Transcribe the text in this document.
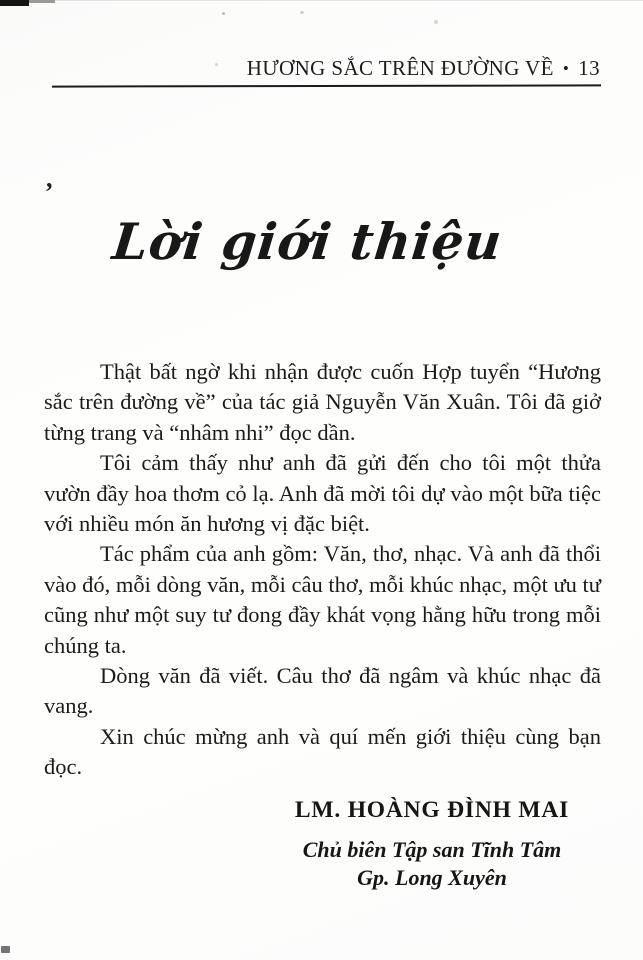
HƯƠNG SẮC TRÊN ĐƯỜNG VỀ • 13
,
Lời giới thiệu

Thật bất ngờ khi nhận được cuốn Hợp tuyển “Hương sắc trên đường về” của tác giả Nguyễn Văn Xuân. Tôi đã giở từng trang và “nhâm nhi” đọc dần.

Tôi cảm thấy như anh đã gửi đến cho tôi một thửa vườn đầy hoa thơm cỏ lạ. Anh đã mời tôi dự vào một bữa tiệc với nhiều món ăn hương vị đặc biệt.

Tác phẩm của anh gồm: Văn, thơ, nhạc. Và anh đã thổi vào đó, mỗi dòng văn, mỗi câu thơ, mỗi khúc nhạc, một ưu tư cũng như một suy tư đong đầy khát vọng hằng hữu trong mỗi chúng ta.

Dòng văn đã viết. Câu thơ đã ngâm và khúc nhạc đã vang.

Xin chúc mừng anh và quí mến giới thiệu cùng bạn đọc.

LM. HOÀNG ĐÌNH MAI
Chủ biên Tập san Tĩnh Tâm
Gp. Long Xuyên
